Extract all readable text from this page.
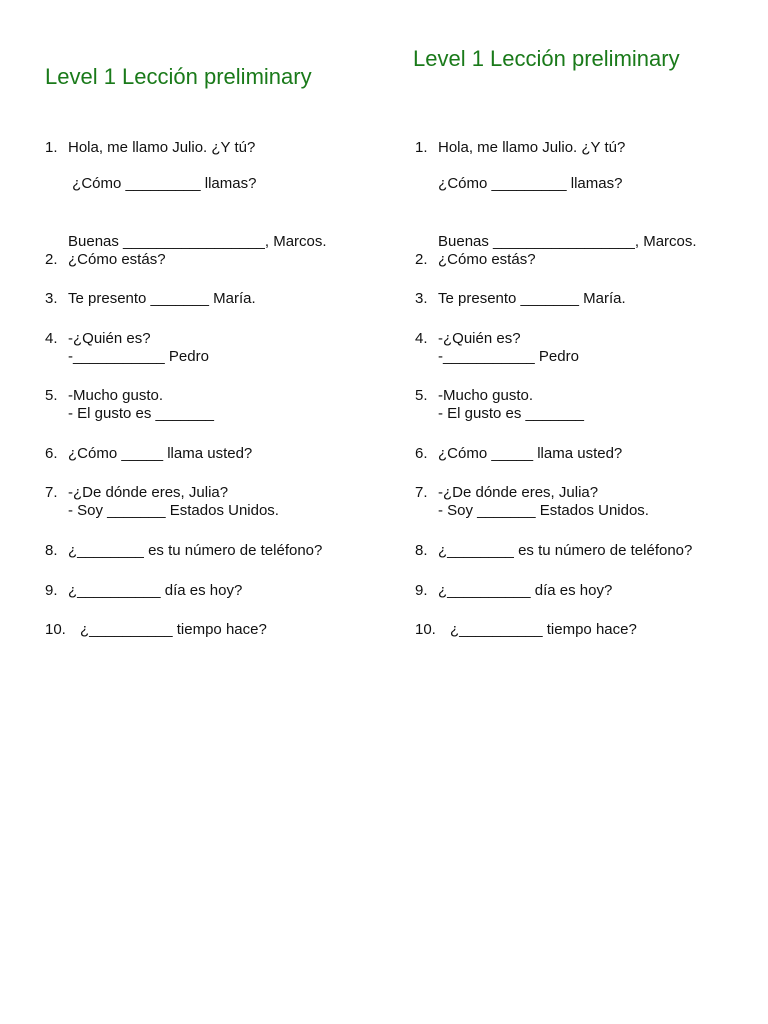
Level 1 Lección preliminary
1. Hola, me llamo Julio. ¿Y tú?
¿Cómo _________ llamas?
Buenas _________________, Marcos.
2. ¿Cómo estás?
3. Te presento _______ María.
4. -¿Quién es?
-___________ Pedro
5. -Mucho gusto.
- El gusto es _______
6. ¿Cómo _____ llama usted?
7. -¿De dónde eres, Julia?
- Soy _______ Estados Unidos.
8. ¿________ es tu número de teléfono?
9. ¿__________ día es hoy?
10. ¿__________ tiempo hace?
Level 1 Lección preliminary
1. Hola, me llamo Julio. ¿Y tú?
¿Cómo _________ llamas?
Buenas _________________, Marcos.
2. ¿Cómo estás?
3. Te presento _______ María.
4. -¿Quién es?
-___________ Pedro
5. -Mucho gusto.
- El gusto es _______
6. ¿Cómo _____ llama usted?
7. -¿De dónde eres, Julia?
- Soy _______ Estados Unidos.
8. ¿________ es tu número de teléfono?
9. ¿__________ día es hoy?
10. ¿__________ tiempo hace?
